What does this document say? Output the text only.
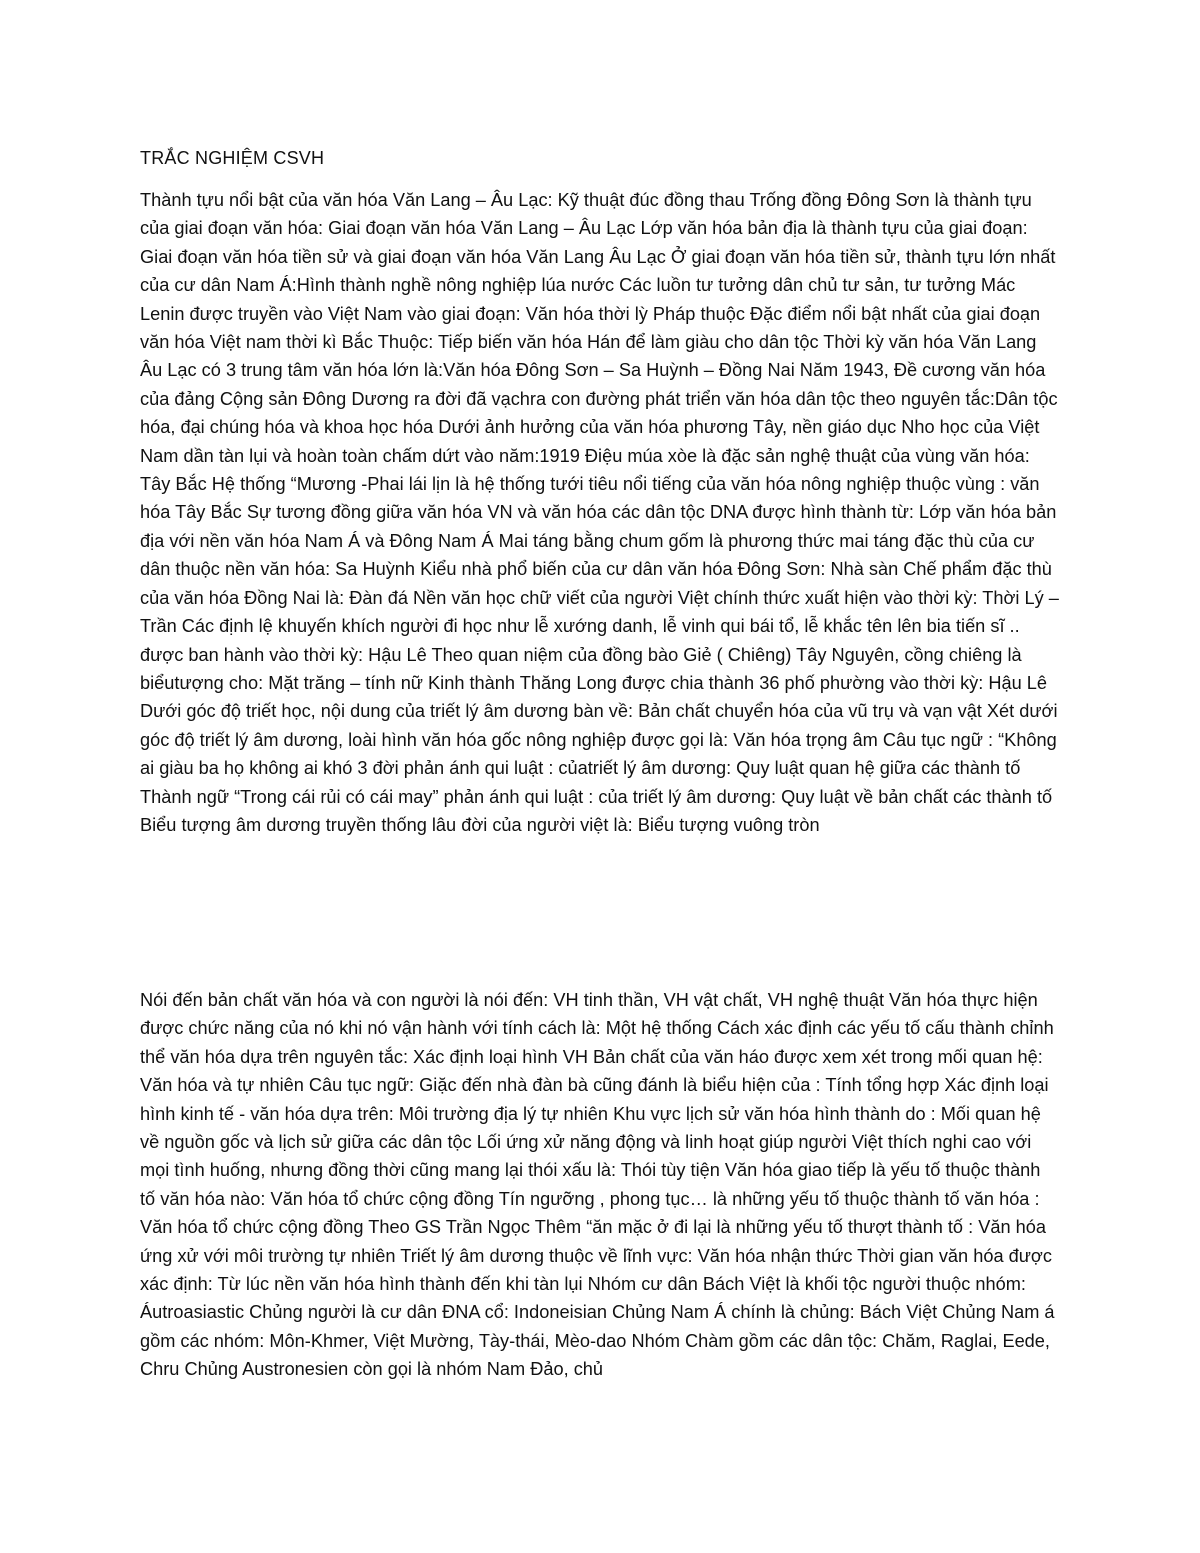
TRẮC NGHIỆM CSVH
Thành tựu nổi bật của văn hóa Văn Lang – Âu Lạc: Kỹ thuật đúc đồng thau Trống đồng Đông Sơn là thành tựu của giai đoạn văn hóa: Giai đoạn văn hóa Văn Lang – Âu Lạc Lớp văn hóa bản địa là thành tựu của giai đoạn: Giai đoạn văn hóa tiền sử và giai đoạn văn hóa Văn Lang Âu Lạc Ở giai đoạn văn hóa tiền sử, thành tựu lớn nhất của cư dân Nam Á:Hình thành nghề nông nghiệp lúa nước Các luồn tư tưởng dân chủ tư sản, tư tưởng Mác Lenin được truyền vào Việt Nam vào giai đoạn: Văn hóa thời lỳ Pháp thuộc Đặc điểm nổi bật nhất của giai đoạn văn hóa Việt nam thời kì Bắc Thuộc: Tiếp biến văn hóa Hán để làm giàu cho dân tộc Thời kỳ văn hóa Văn Lang Âu Lạc có 3 trung tâm văn hóa lớn là:Văn hóa Đông Sơn – Sa Huỳnh – Đồng Nai Năm 1943, Đề cương văn hóa của đảng Cộng sản Đông Dương ra đời đã vạchra con đường phát triển văn hóa dân tộc theo nguyên tắc:Dân tộc hóa, đại chúng hóa và khoa học hóa Dưới ảnh hưởng của văn hóa phương Tây, nền giáo dục Nho học của Việt Nam dần tàn lụi và hoàn toàn chấm dứt vào năm:1919 Điệu múa xòe là đặc sản nghệ thuật của vùng văn hóa: Tây Bắc Hệ thống “Mương -Phai lái lịn là hệ thống tưới tiêu nổi tiếng của văn hóa nông nghiệp thuộc vùng : văn hóa Tây Bắc Sự tương đồng giữa văn hóa VN và văn hóa các dân tộc DNA được hình thành từ: Lớp văn hóa bản địa với nền văn hóa Nam Á và Đông Nam Á Mai táng bằng chum gốm là phương thức mai táng đặc thù của cư dân thuộc nền văn hóa: Sa Huỳnh Kiểu nhà phổ biến của cư dân văn hóa Đông Sơn: Nhà sàn Chế phẩm đặc thù của văn hóa Đồng Nai là: Đàn đá Nền văn học chữ viết của người Việt chính thức xuất hiện vào thời kỳ: Thời Lý – Trần Các định lệ khuyến khích người đi học như lễ xướng danh, lễ vinh qui bái tổ, lễ khắc tên lên bia tiến sĩ .. được ban hành vào thời kỳ: Hậu Lê Theo quan niệm của đồng bào Giẻ ( Chiêng) Tây Nguyên, cồng chiêng là biểutượng cho: Mặt trăng – tính nữ Kinh thành Thăng Long được chia thành 36 phố phường vào thời kỳ: Hậu Lê Dưới góc độ triết học, nội dung của triết lý âm dương bàn về: Bản chất chuyển hóa của vũ trụ và vạn vật Xét dưới góc độ triết lý âm dương, loài hình văn hóa gốc nông nghiệp được gọi là: Văn hóa trọng âm Câu tục ngữ : “Không ai giàu ba họ không ai khó 3 đời phản ánh qui luật : củatriết lý âm dương: Quy luật quan hệ giữa các thành tố Thành ngữ “Trong cái rủi có cái may” phản ánh qui luật : của triết lý âm dương: Quy luật về bản chất các thành tố Biểu tượng âm dương truyền thống lâu đời của người việt là: Biểu tượng vuông tròn
Nói đến bản chất văn hóa và con người là nói đến: VH tinh thần, VH vật chất, VH nghệ thuật Văn hóa thực hiện được chức năng của nó khi nó vận hành với tính cách là: Một hệ thống Cách xác định các yếu tố cấu thành chỉnh thể văn hóa dựa trên nguyên tắc: Xác định loại hình VH Bản chất của văn háo được xem xét trong mối quan hệ: Văn hóa và tự nhiên Câu tục ngữ: Giặc đến nhà đàn bà cũng đánh là biểu hiện của : Tính tổng hợp Xác định loại hình kinh tế - văn hóa dựa trên: Môi trường địa lý tự nhiên Khu vực lịch sử văn hóa hình thành do : Mối quan hệ về nguồn gốc và lịch sử giữa các dân tộc Lối ứng xử năng động và linh hoạt giúp người Việt thích nghi cao với mọi tình huống, nhưng đồng thời cũng mang lại thói xấu là: Thói tùy tiện Văn hóa giao tiếp là yếu tố thuộc thành tố văn hóa nào: Văn hóa tổ chức cộng đồng Tín ngưỡng , phong tục… là những yếu tố thuộc thành tố văn hóa : Văn hóa tổ chức cộng đồng Theo GS Trần Ngọc Thêm “ăn mặc ở đi lại là những yếu tố thượt thành tố : Văn hóa ứng xử với môi trường tự nhiên Triết lý âm dương thuộc về lĩnh vực: Văn hóa nhận thức Thời gian văn hóa được xác định: Từ lúc nền văn hóa hình thành đến khi tàn lụi Nhóm cư dân Bách Việt là khối tộc người thuộc nhóm: Áutroasiastic Chủng người là cư dân ĐNA cổ: Indoneisian Chủng Nam Á chính là chủng: Bách Việt Chủng Nam á gồm các nhóm: Môn-Khmer, Việt Mường, Tày-thái, Mèo-dao Nhóm Chàm gồm các dân tộc: Chăm, Raglai, Eede, Chru Chủng Austronesien còn gọi là nhóm Nam Đảo, chủ
